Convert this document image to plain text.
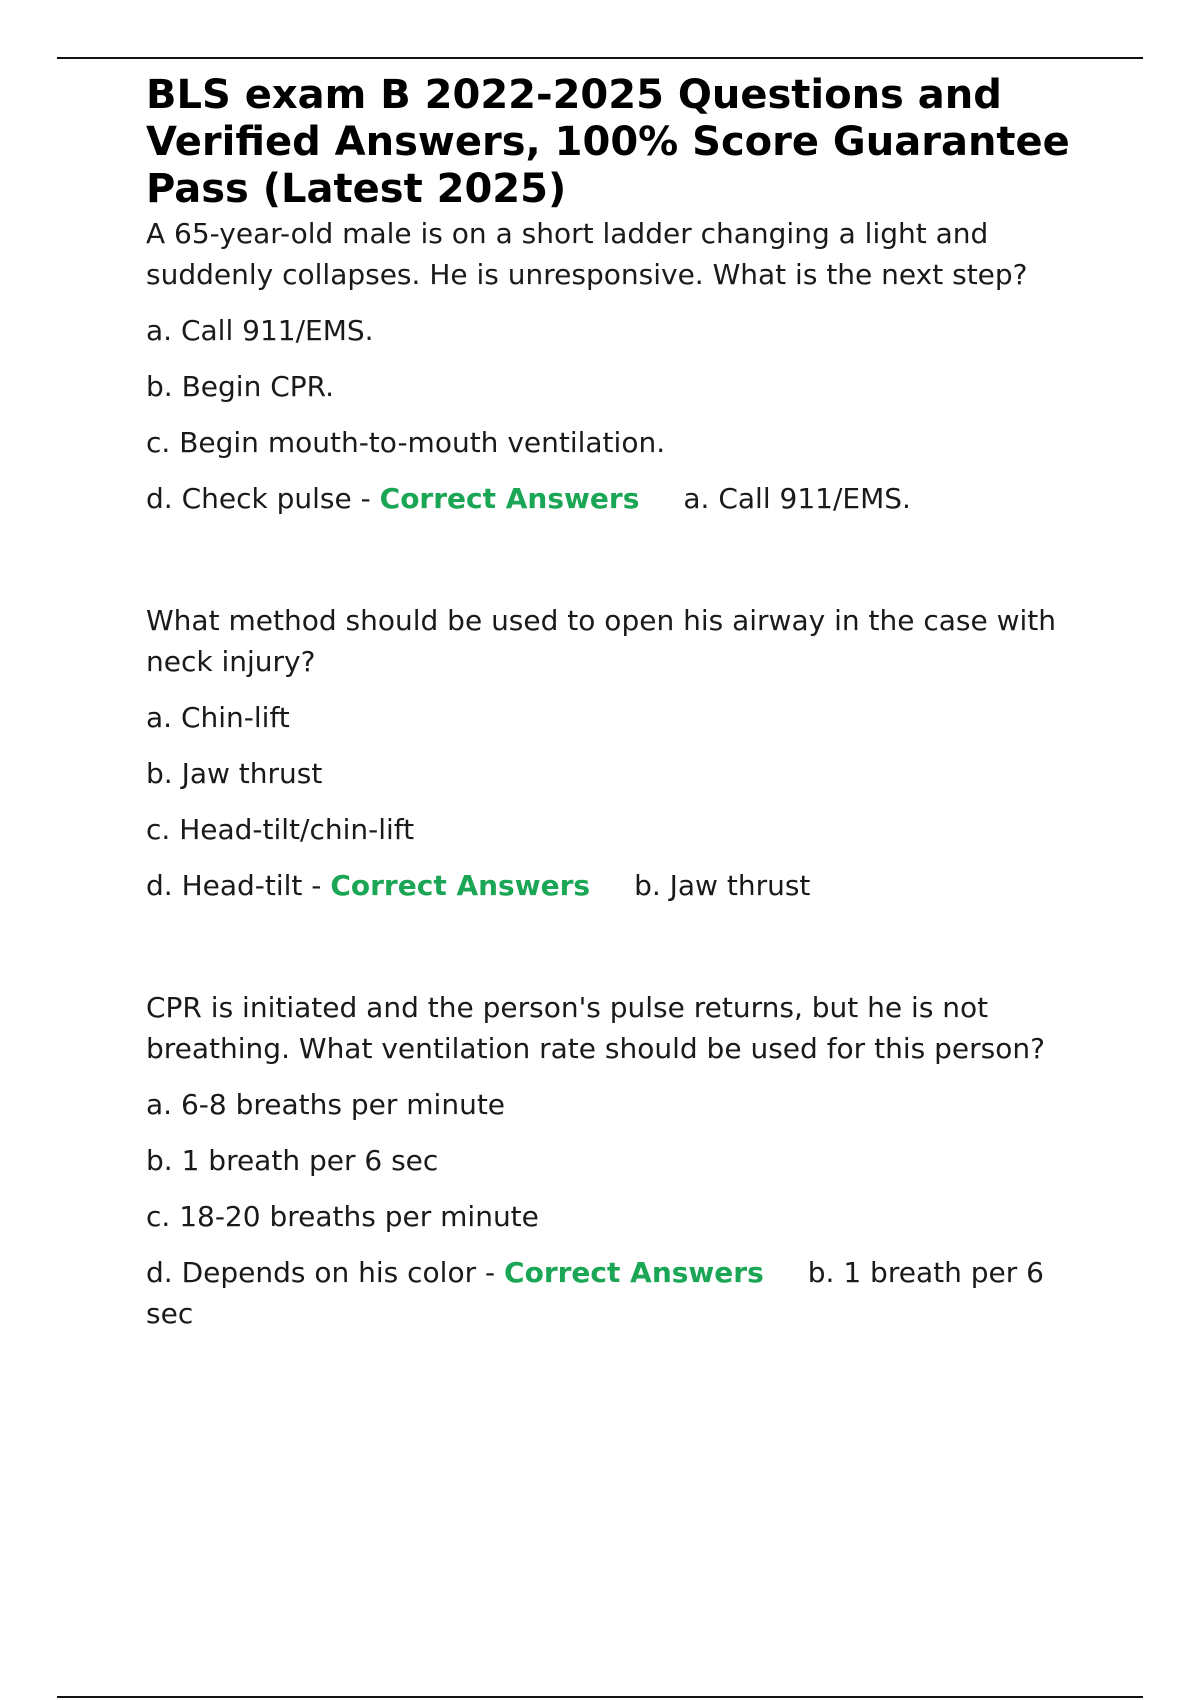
BLS exam B 2022-2025 Questions and Verified Answers, 100% Score Guarantee Pass (Latest 2025)

A 65-year-old male is on a short ladder changing a light and suddenly collapses. He is unresponsive. What is the next step?

a. Call 911/EMS.

b. Begin CPR.

c. Begin mouth-to-mouth ventilation.

d. Check pulse - Correct Answers a. Call 911/EMS.

What method should be used to open his airway in the case with neck injury?

a. Chin-lift

b. Jaw thrust

c. Head-tilt/chin-lift

d. Head-tilt - Correct Answers b. Jaw thrust

CPR is initiated and the person's pulse returns, but he is not breathing. What ventilation rate should be used for this person?

a. 6-8 breaths per minute

b. 1 breath per 6 sec

c. 18-20 breaths per minute

d. Depends on his color - Correct Answers b. 1 breath per 6 sec
